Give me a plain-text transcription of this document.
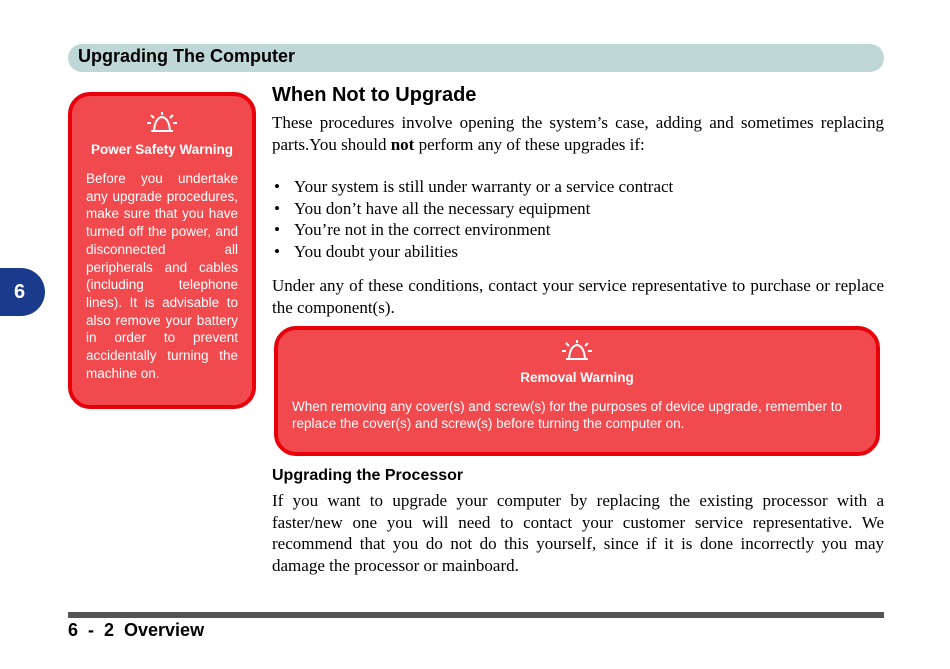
Upgrading The Computer
6
Power Safety Warning
Before you undertake any upgrade procedures, make sure that you have turned off the power, and disconnected all peripherals and cables (including telephone lines). It is advisable to also remove your battery in order to prevent accidentally turning the machine on.
When Not to Upgrade
These procedures involve opening the system’s case, adding and sometimes replacing parts.You should not perform any of these upgrades if:
• Your system is still under warranty or a service contract
• You don’t have all the necessary equipment
• You’re not in the correct environment
• You doubt your abilities
Under any of these conditions, contact your service representative to purchase or replace the component(s).
Removal Warning
When removing any cover(s) and screw(s) for the purposes of device upgrade, remember to replace the cover(s) and screw(s) before turning the computer on.
Upgrading the Processor
If you want to upgrade your computer by replacing the existing processor with a faster/new one you will need to contact your customer service representative. We recommend that you do not do this yourself, since if it is done incorrectly you may damage the processor or mainboard.
6  -  2  Overview
